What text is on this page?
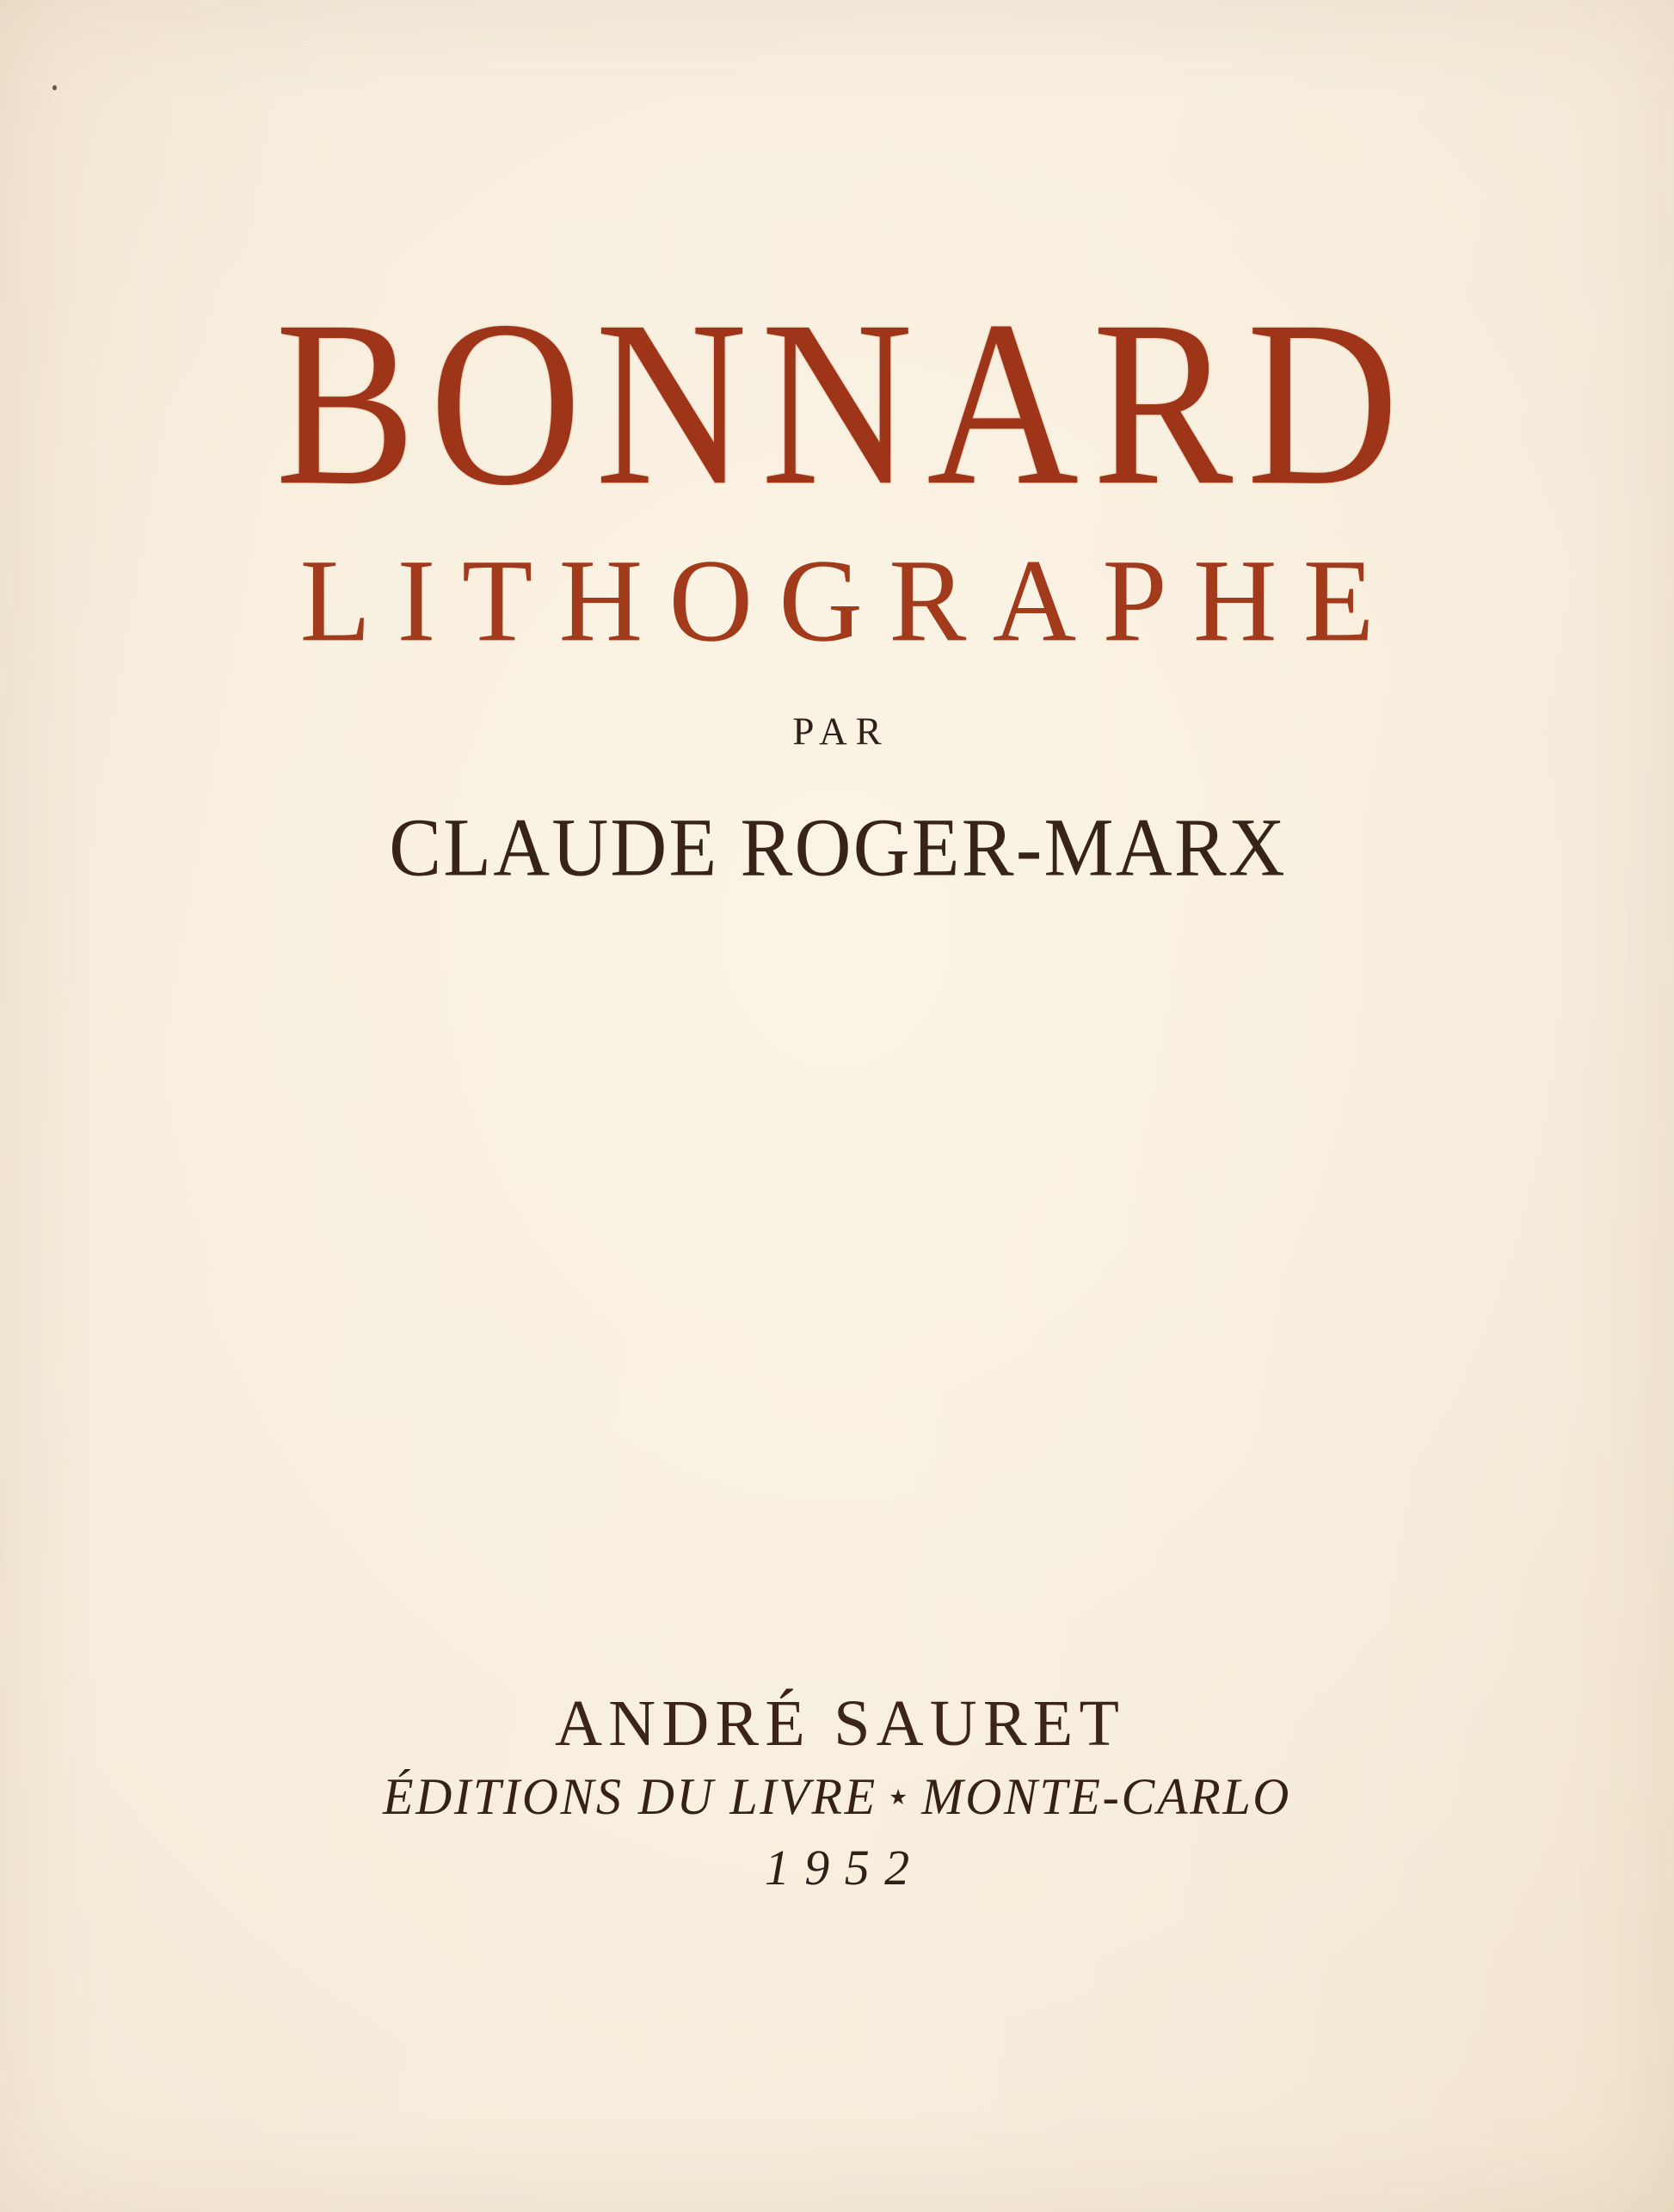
BONNARD
LITHOGRAPHE
PAR
CLAUDE ROGER-MARX
ANDRÉ SAURET
ÉDITIONS DU LIVRE ★ MONTE-CARLO
1952
